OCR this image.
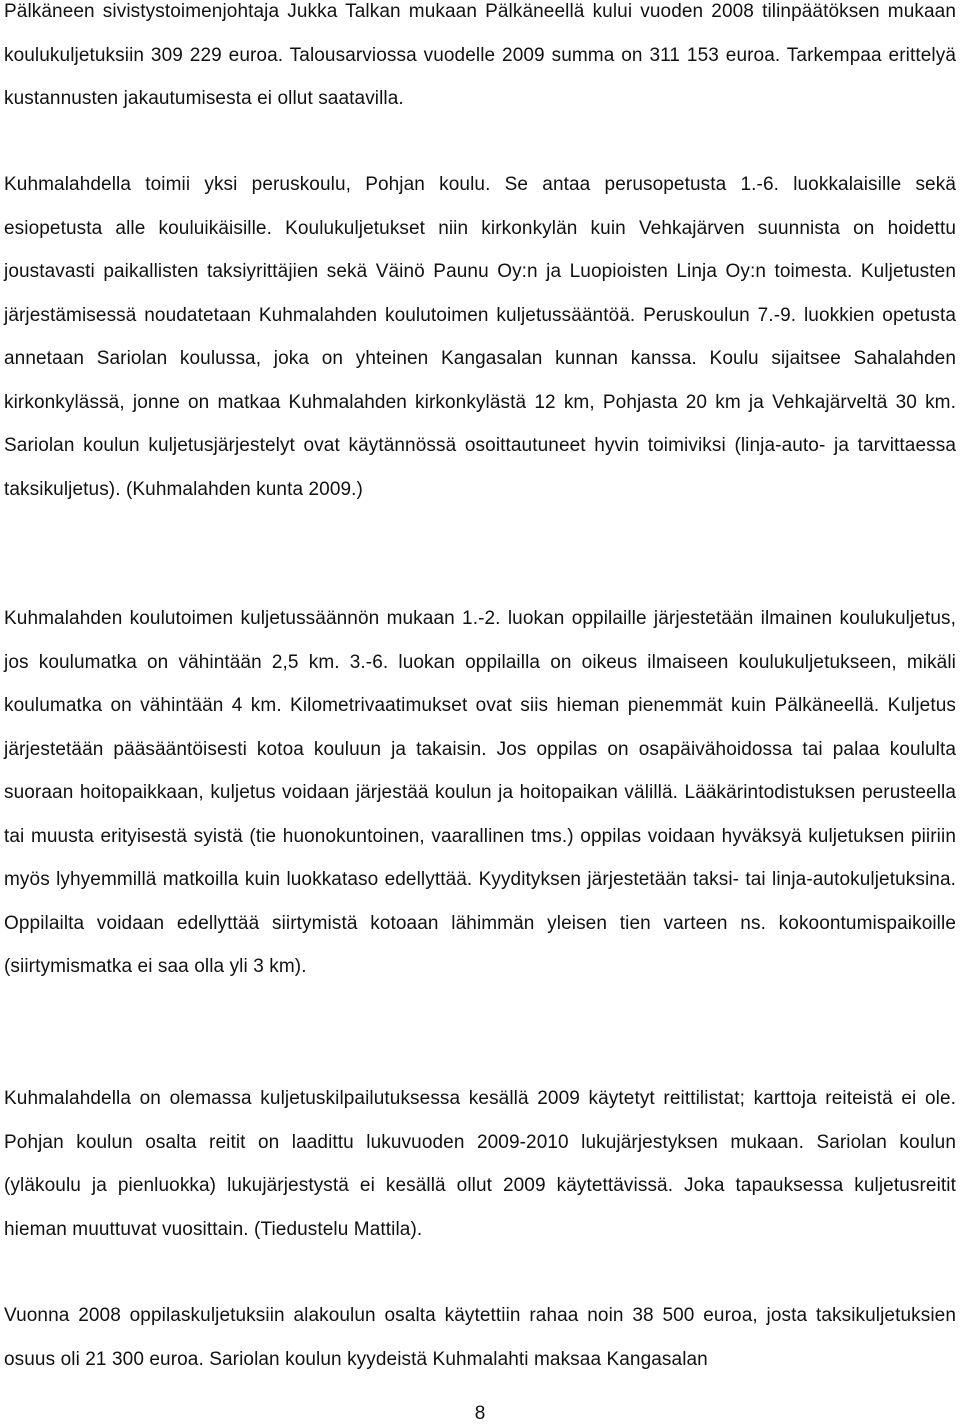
Pälkäneen sivistystoimenjohtaja Jukka Talkan mukaan Pälkäneellä kului vuoden 2008 tilinpäätöksen mukaan koulukuljetuksiin 309 229 euroa. Talousarviossa vuodelle 2009 summa on 311 153 euroa. Tarkempaa erittelyä kustannusten jakautumisesta ei ollut saatavilla.

Kuhmalahdella toimii yksi peruskoulu, Pohjan koulu. Se antaa perusopetusta 1.-6. luokkalaisille sekä esiopetusta alle kouluikäisille. Koulukuljetukset niin kirkonkylän kuin Vehkajärven suunnista on hoidettu joustavasti paikallisten taksiyrittäjien sekä Väinö Paunu Oy:n ja Luopioisten Linja Oy:n toimesta. Kuljetusten järjestämisessä noudatetaan Kuhmalahden koulutoimen kuljetussääntöä. Peruskoulun 7.-9. luokkien opetusta annetaan Sariolan koulussa, joka on yhteinen Kangasalan kunnan kanssa. Koulu sijaitsee Sahalahden kirkonkylässä, jonne on matkaa Kuhmalahden kirkonkylästä 12 km, Pohjasta 20 km ja Vehkajärveltä 30 km. Sariolan koulun kuljetusjärjestelyt ovat käytännössä osoittautuneet hyvin toimiviksi (linja-auto- ja tarvittaessa taksikuljetus). (Kuhmalahden kunta 2009.)

Kuhmalahden koulutoimen kuljetussäännön mukaan 1.-2. luokan oppilaille järjestetään ilmainen koulukuljetus, jos koulumatka on vähintään 2,5 km. 3.-6. luokan oppilailla on oikeus ilmaiseen koulukuljetukseen, mikäli koulumatka on vähintään 4 km. Kilometrivaatimukset ovat siis hieman pienemmät kuin Pälkäneellä. Kuljetus järjestetään pääsääntöisesti kotoa kouluun ja takaisin. Jos oppilas on osapäivähoidossa tai palaa koululta suoraan hoitopaikkaan, kuljetus voidaan järjestää koulun ja hoitopaikan välillä. Lääkärintodistuksen perusteella tai muusta erityisestä syistä (tie huonokuntoinen, vaarallinen tms.) oppilas voidaan hyväksyä kuljetuksen piiriin myös lyhyemmillä matkoilla kuin luokkataso edellyttää. Kyydityksen järjestetään taksi- tai linja-autokuljetuksina. Oppilailta voidaan edellyttää siirtymistä kotoaan lähimmän yleisen tien varteen ns. kokoontumispaikoille (siirtymismatka ei saa olla yli 3 km).

Kuhmalahdella on olemassa kuljetuskilpailutuksessa kesällä 2009 käytetyt reittilistat; karttoja reiteistä ei ole. Pohjan koulun osalta reitit on laadittu lukuvuoden 2009-2010 lukujärjestyksen mukaan. Sariolan koulun (yläkoulu ja pienluokka) lukujärjestystä ei kesällä ollut 2009 käytettävissä. Joka tapauksessa kuljetusreitit hieman muuttuvat vuosittain. (Tiedustelu Mattila).

Vuonna 2008 oppilaskuljetuksiin alakoulun osalta käytettiin rahaa noin 38 500 euroa, josta taksikuljetuksien osuus oli 21 300 euroa. Sariolan koulun kyydeistä Kuhmalahti maksaa Kangasalan

8
